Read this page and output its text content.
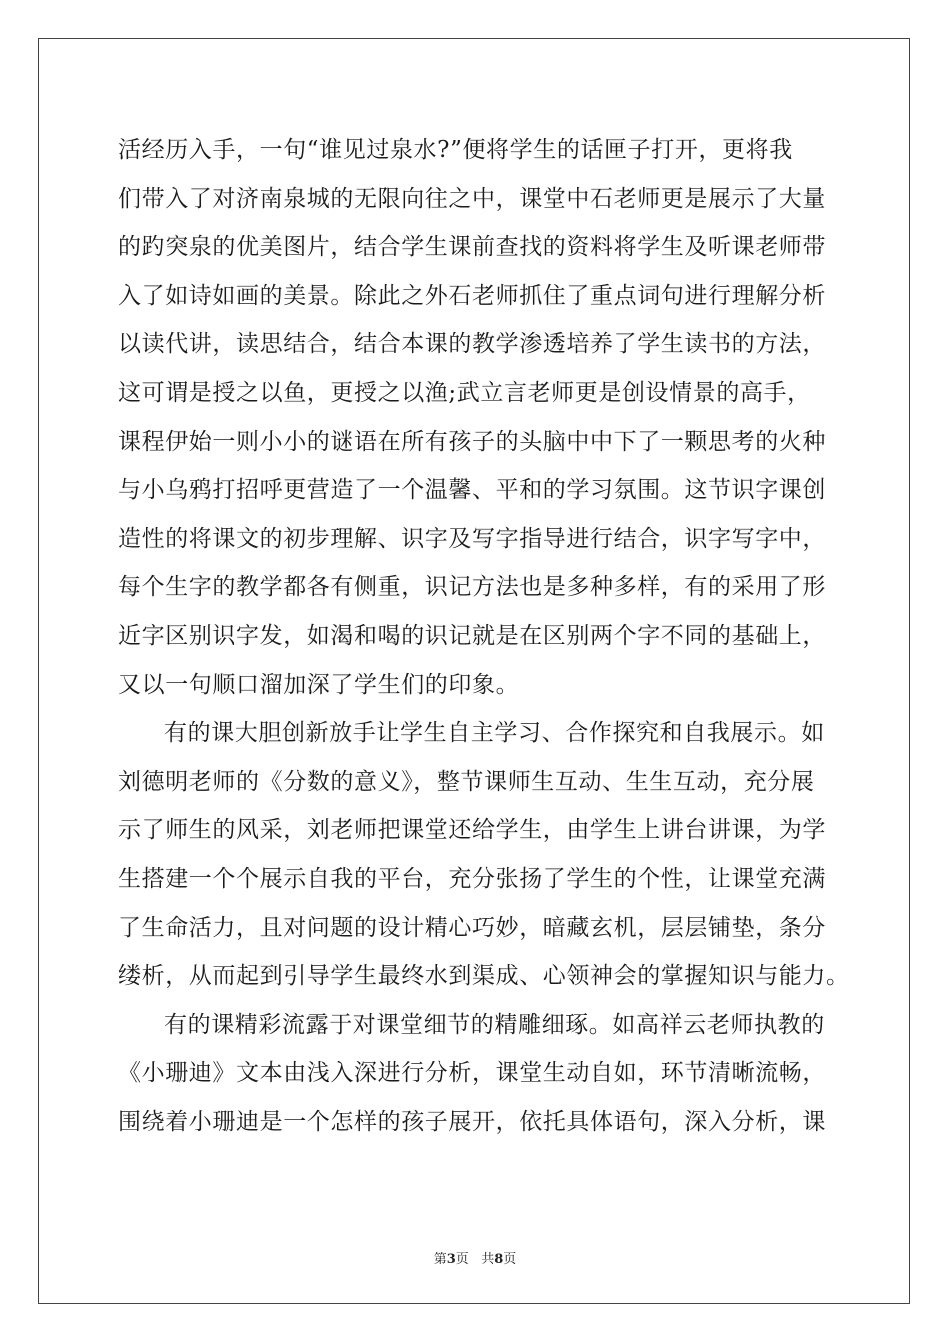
活经历入手，一句“谁见过泉水?”便将学生的话匣子打开，更将我
们带入了对济南泉城的无限向往之中，课堂中石老师更是展示了大量
的趵突泉的优美图片，结合学生课前查找的资料将学生及听课老师带
入了如诗如画的美景。除此之外石老师抓住了重点词句进行理解分析
以读代讲，读思结合，结合本课的教学渗透培养了学生读书的方法，
这可谓是授之以鱼，更授之以渔;武立言老师更是创设情景的高手，
课程伊始一则小小的谜语在所有孩子的头脑中中下了一颗思考的火种
与小乌鸦打招呼更营造了一个温馨、平和的学习氛围。这节识字课创
造性的将课文的初步理解、识字及写字指导进行结合，识字写字中，
每个生字的教学都各有侧重，识记方法也是多种多样，有的采用了形
近字区别识字发，如渴和喝的识记就是在区别两个字不同的基础上，
又以一句顺口溜加深了学生们的印象。
有的课大胆创新放手让学生自主学习、合作探究和自我展示。如
刘德明老师的《分数的意义》，整节课师生互动、生生互动，充分展
示了师生的风采，刘老师把课堂还给学生，由学生上讲台讲课，为学
生搭建一个个展示自我的平台，充分张扬了学生的个性，让课堂充满
了生命活力，且对问题的设计精心巧妙，暗藏玄机，层层铺垫，条分
缕析，从而起到引导学生最终水到渠成、心领神会的掌握知识与能力。
有的课精彩流露于对课堂细节的精雕细琢。如高祥云老师执教的
《小珊迪》文本由浅入深进行分析，课堂生动自如，环节清晰流畅，
围绕着小珊迪是一个怎样的孩子展开，依托具体语句，深入分析，课
第3页 共8页
